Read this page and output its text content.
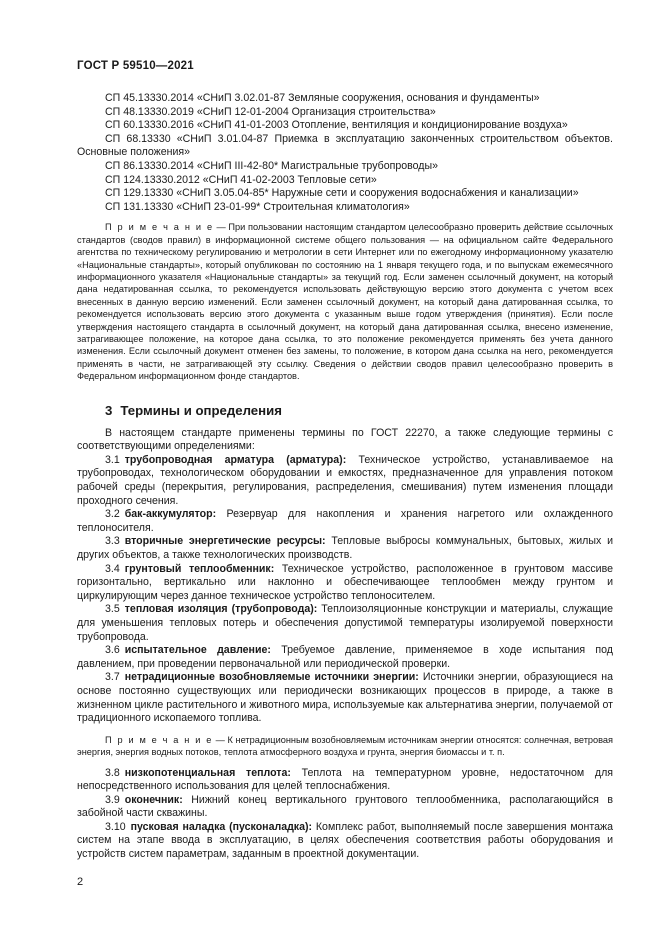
ГОСТ Р 59510—2021

СП 45.13330.2014 «СНиП 3.02.01-87 Земляные сооружения, основания и фундаменты»

СП 48.13330.2019 «СНиП 12-01-2004 Организация строительства»

СП 60.13330.2016 «СНиП 41-01-2003 Отопление, вентиляция и кондиционирование воздуха»

СП 68.13330 «СНиП 3.01.04-87 Приемка в эксплуатацию законченных строительством объектов. Основные положения»

СП 86.13330.2014 «СНиП III-42-80* Магистральные трубопроводы»

СП 124.13330.2012 «СНиП 41-02-2003 Тепловые сети»

СП 129.13330 «СНиП 3.05.04-85* Наружные сети и сооружения водоснабжения и канализации»

СП 131.13330 «СНиП 23-01-99* Строительная климатология»

П р и м е ч а н и е — При пользовании настоящим стандартом целесообразно проверить действие ссылочных стандартов (сводов правил) в информационной системе общего пользования — на официальном сайте Федерального агентства по техническому регулированию и метрологии в сети Интернет или по ежегодному информационному указателю «Национальные стандарты», который опубликован по состоянию на 1 января текущего года, и по выпускам ежемесячного информационного указателя «Национальные стандарты» за текущий год. Если заменен ссылочный документ, на который дана недатированная ссылка, то рекомендуется использовать действующую версию этого документа с учетом всех внесенных в данную версию изменений. Если заменен ссылочный документ, на который дана датированная ссылка, то рекомендуется использовать версию этого документа с указанным выше годом утверждения (принятия). Если после утверждения настоящего стандарта в ссылочный документ, на который дана датированная ссылка, внесено изменение, затрагивающее положение, на которое дана ссылка, то это положение рекомендуется применять без учета данного изменения. Если ссылочный документ отменен без замены, то положение, в котором дана ссылка на него, рекомендуется применять в части, не затрагивающей эту ссылку. Сведения о действии сводов правил целесообразно проверить в Федеральном информационном фонде стандартов.

3 Термины и определения

В настоящем стандарте применены термины по ГОСТ 22270, а также следующие термины с соответствующими определениями:

3.1 трубопроводная арматура (арматура): Техническое устройство, устанавливаемое на трубопроводах, технологическом оборудовании и емкостях, предназначенное для управления потоком рабочей среды (перекрытия, регулирования, распределения, смешивания) путем изменения площади проходного сечения.

3.2 бак-аккумулятор: Резервуар для накопления и хранения нагретого или охлажденного теплоносителя.

3.3 вторичные энергетические ресурсы: Тепловые выбросы коммунальных, бытовых, жилых и других объектов, а также технологических производств.

3.4 грунтовый теплообменник: Техническое устройство, расположенное в грунтовом массиве горизонтально, вертикально или наклонно и обеспечивающее теплообмен между грунтом и циркулирующим через данное техническое устройство теплоносителем.

3.5 тепловая изоляция (трубопровода): Теплоизоляционные конструкции и материалы, служащие для уменьшения тепловых потерь и обеспечения допустимой температуры изолируемой поверхности трубопровода.

3.6 испытательное давление: Требуемое давление, применяемое в ходе испытания под давлением, при проведении первоначальной или периодической проверки.

3.7 нетрадиционные возобновляемые источники энергии: Источники энергии, образующиеся на основе постоянно существующих или периодически возникающих процессов в природе, а также в жизненном цикле растительного и животного мира, используемые как альтернатива энергии, получаемой от традиционного ископаемого топлива.

П р и м е ч а н и е — К нетрадиционным возобновляемым источникам энергии относятся: солнечная, ветровая энергия, энергия водных потоков, теплота атмосферного воздуха и грунта, энергия биомассы и т. п.

3.8 низкопотенциальная теплота: Теплота на температурном уровне, недостаточном для непосредственного использования для целей теплоснабжения.

3.9 оконечник: Нижний конец вертикального грунтового теплообменника, располагающийся в забойной части скважины.

3.10 пусковая наладка (пусконаладка): Комплекс работ, выполняемый после завершения монтажа систем на этапе ввода в эксплуатацию, в целях обеспечения соответствия работы оборудования и устройств систем параметрам, заданным в проектной документации.

2
